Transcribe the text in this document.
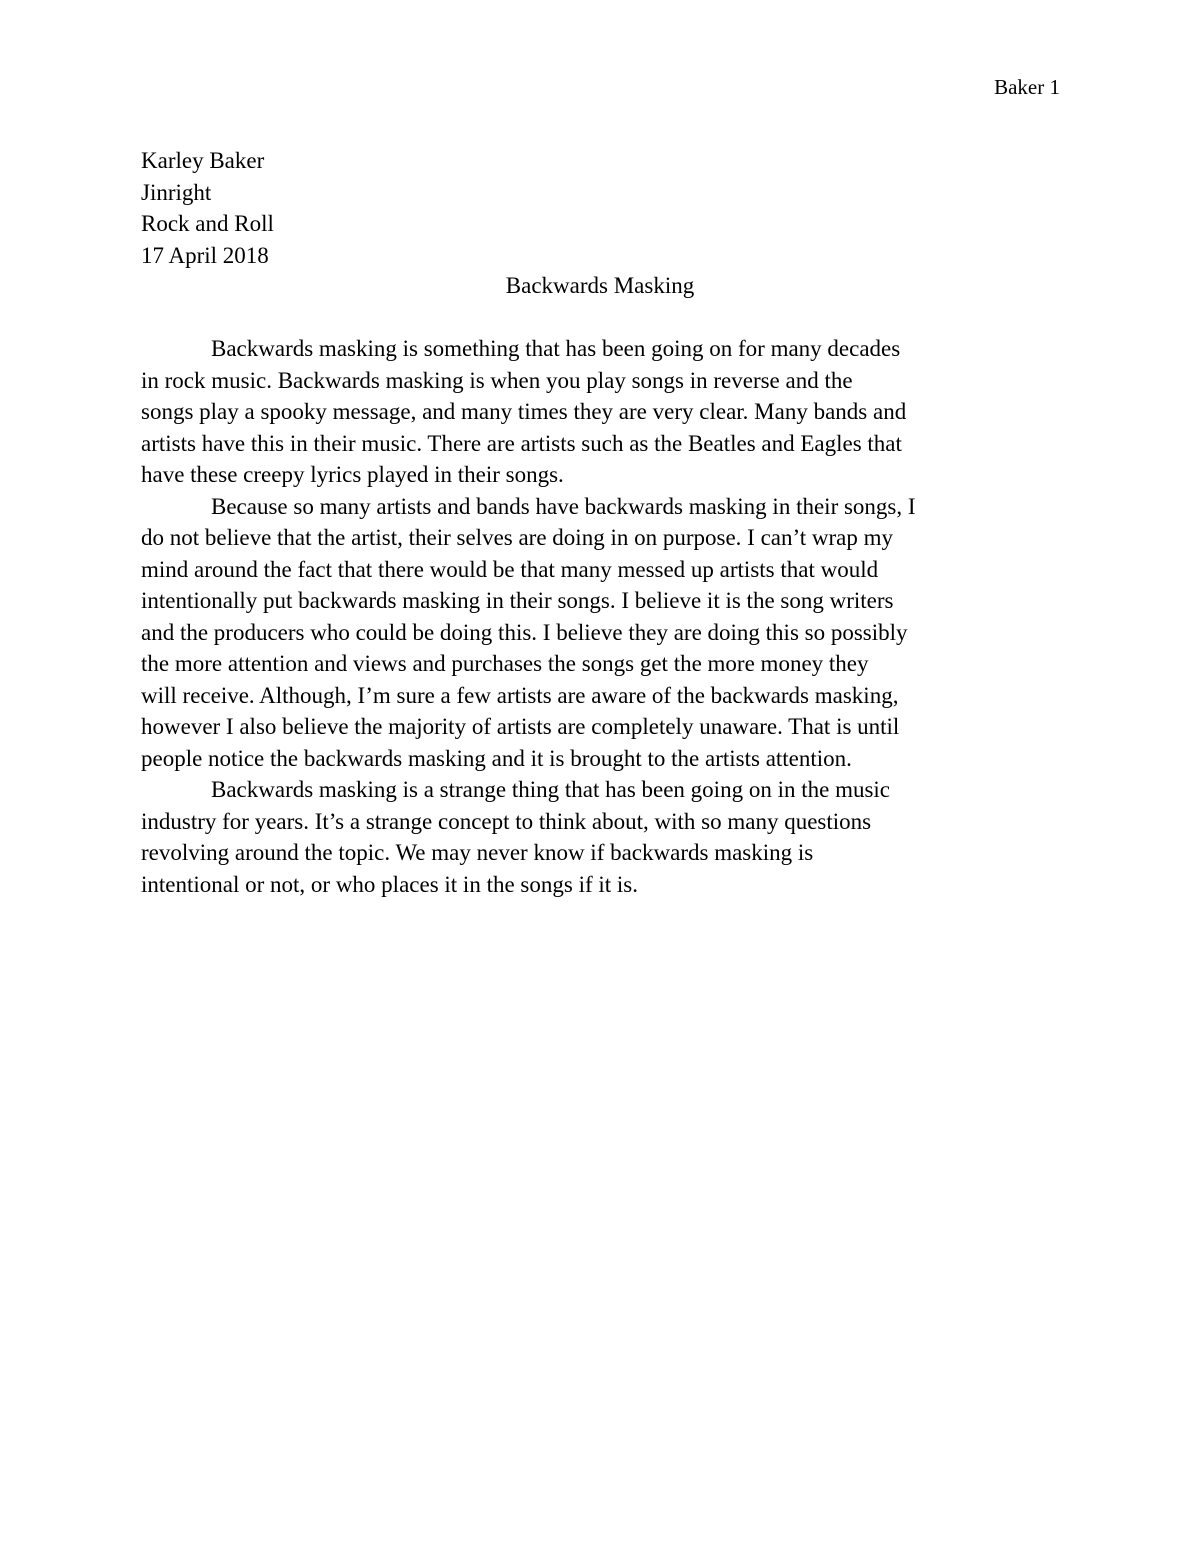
Baker 1
Karley Baker
Jinright
Rock and Roll
17 April 2018
Backwards Masking
Backwards masking is something that has been going on for many decades
in rock music. Backwards masking is when you play songs in reverse and the
songs play a spooky message, and many times they are very clear. Many bands and
artists have this in their music. There are artists such as the Beatles and Eagles that
have these creepy lyrics played in their songs.
Because so many artists and bands have backwards masking in their songs, I
do not believe that the artist, their selves are doing in on purpose. I can’t wrap my
mind around the fact that there would be that many messed up artists that would
intentionally put backwards masking in their songs. I believe it is the song writers
and the producers who could be doing this. I believe they are doing this so possibly
the more attention and views and purchases the songs get the more money they
will receive. Although, I’m sure a few artists are aware of the backwards masking,
however I also believe the majority of artists are completely unaware. That is until
people notice the backwards masking and it is brought to the artists attention.
Backwards masking is a strange thing that has been going on in the music
industry for years. It’s a strange concept to think about, with so many questions
revolving around the topic. We may never know if backwards masking is
intentional or not, or who places it in the songs if it is.
